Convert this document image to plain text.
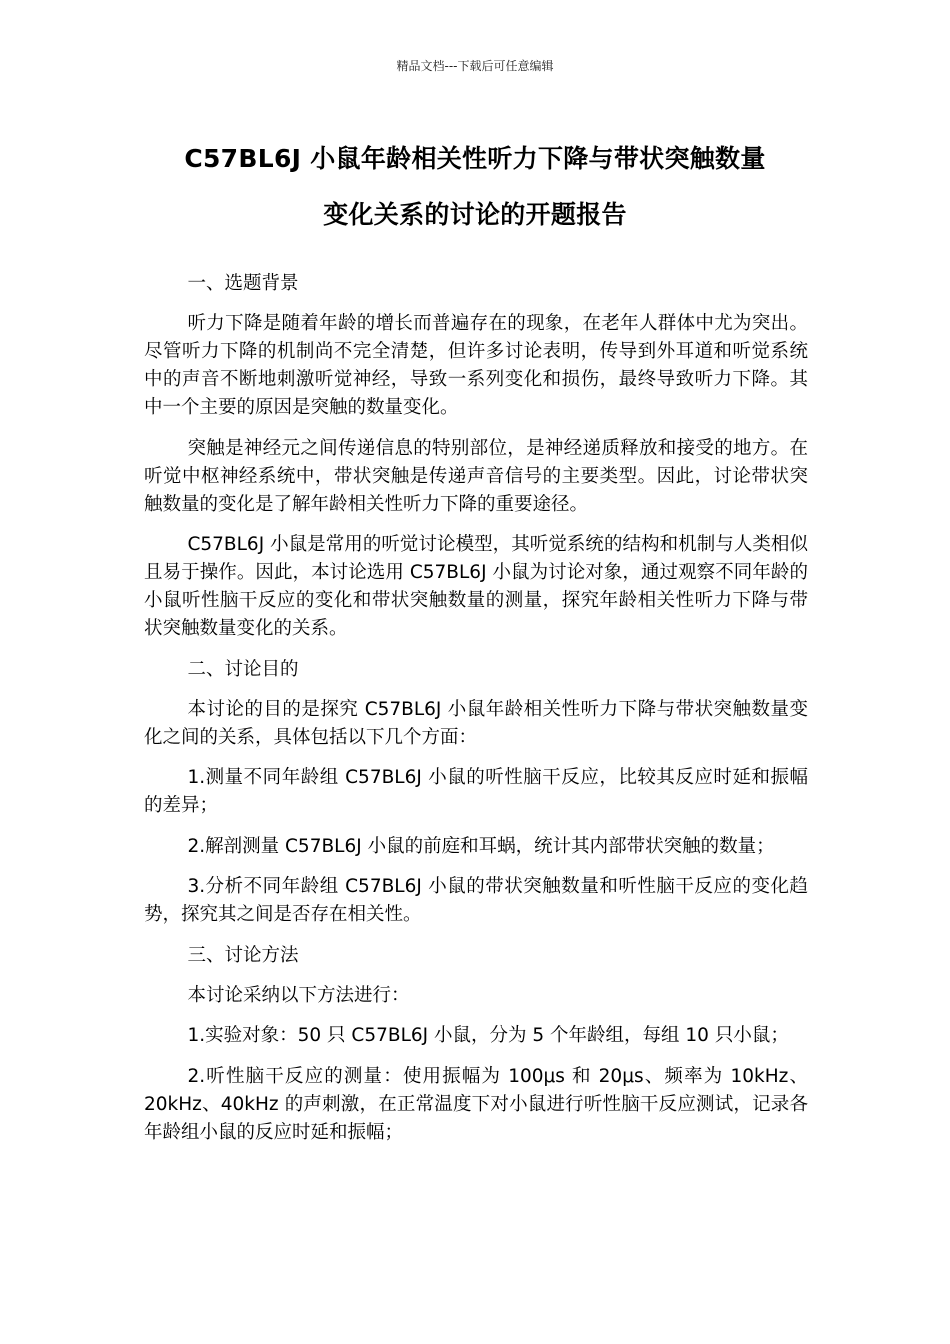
精品文档---下载后可任意编辑
C57BL6J 小鼠年龄相关性听力下降与带状突触数量
变化关系的讨论的开题报告

一、选题背景

听力下降是随着年龄的增长而普遍存在的现象，在老年人群体中尤为突出。尽管听力下降的机制尚不完全清楚，但许多讨论表明，传导到外耳道和听觉系统中的声音不断地刺激听觉神经，导致一系列变化和损伤，最终导致听力下降。其中一个主要的原因是突触的数量变化。

突触是神经元之间传递信息的特别部位，是神经递质释放和接受的地方。在听觉中枢神经系统中，带状突触是传递声音信号的主要类型。因此，讨论带状突触数量的变化是了解年龄相关性听力下降的重要途径。

C57BL6J 小鼠是常用的听觉讨论模型，其听觉系统的结构和机制与人类相似且易于操作。因此，本讨论选用 C57BL6J 小鼠为讨论对象，通过观察不同年龄的小鼠听性脑干反应的变化和带状突触数量的测量，探究年龄相关性听力下降与带状突触数量变化的关系。

二、讨论目的

本讨论的目的是探究 C57BL6J 小鼠年龄相关性听力下降与带状突触数量变化之间的关系，具体包括以下几个方面：

1.测量不同年龄组 C57BL6J 小鼠的听性脑干反应，比较其反应时延和振幅的差异；

2.解剖测量 C57BL6J 小鼠的前庭和耳蜗，统计其内部带状突触的数量；

3.分析不同年龄组 C57BL6J 小鼠的带状突触数量和听性脑干反应的变化趋势，探究其之间是否存在相关性。

三、讨论方法

本讨论采纳以下方法进行：

1.实验对象：50 只 C57BL6J 小鼠，分为 5 个年龄组，每组 10 只小鼠；

2.听性脑干反应的测量：使用振幅为 100μs 和 20μs、频率为 10kHz、20kHz、40kHz 的声刺激，在正常温度下对小鼠进行听性脑干反应测试，记录各年龄组小鼠的反应时延和振幅；
